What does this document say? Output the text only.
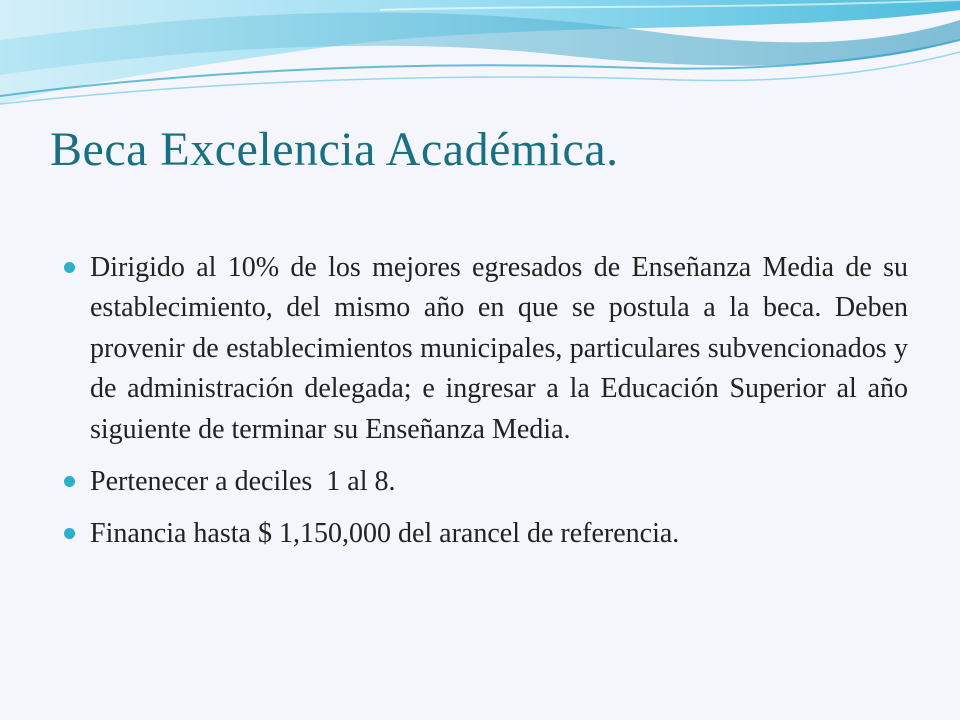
Beca Excelencia Académica.
Dirigido al 10% de los mejores egresados de Enseñanza Media de su establecimiento, del mismo año en que se postula a la beca. Deben provenir de establecimientos municipales, particulares subvencionados y de administración delegada; e ingresar a la Educación Superior al año siguiente de terminar su Enseñanza Media.
Pertenecer a deciles  1 al 8.
Financia hasta $ 1,150,000 del arancel de referencia.
